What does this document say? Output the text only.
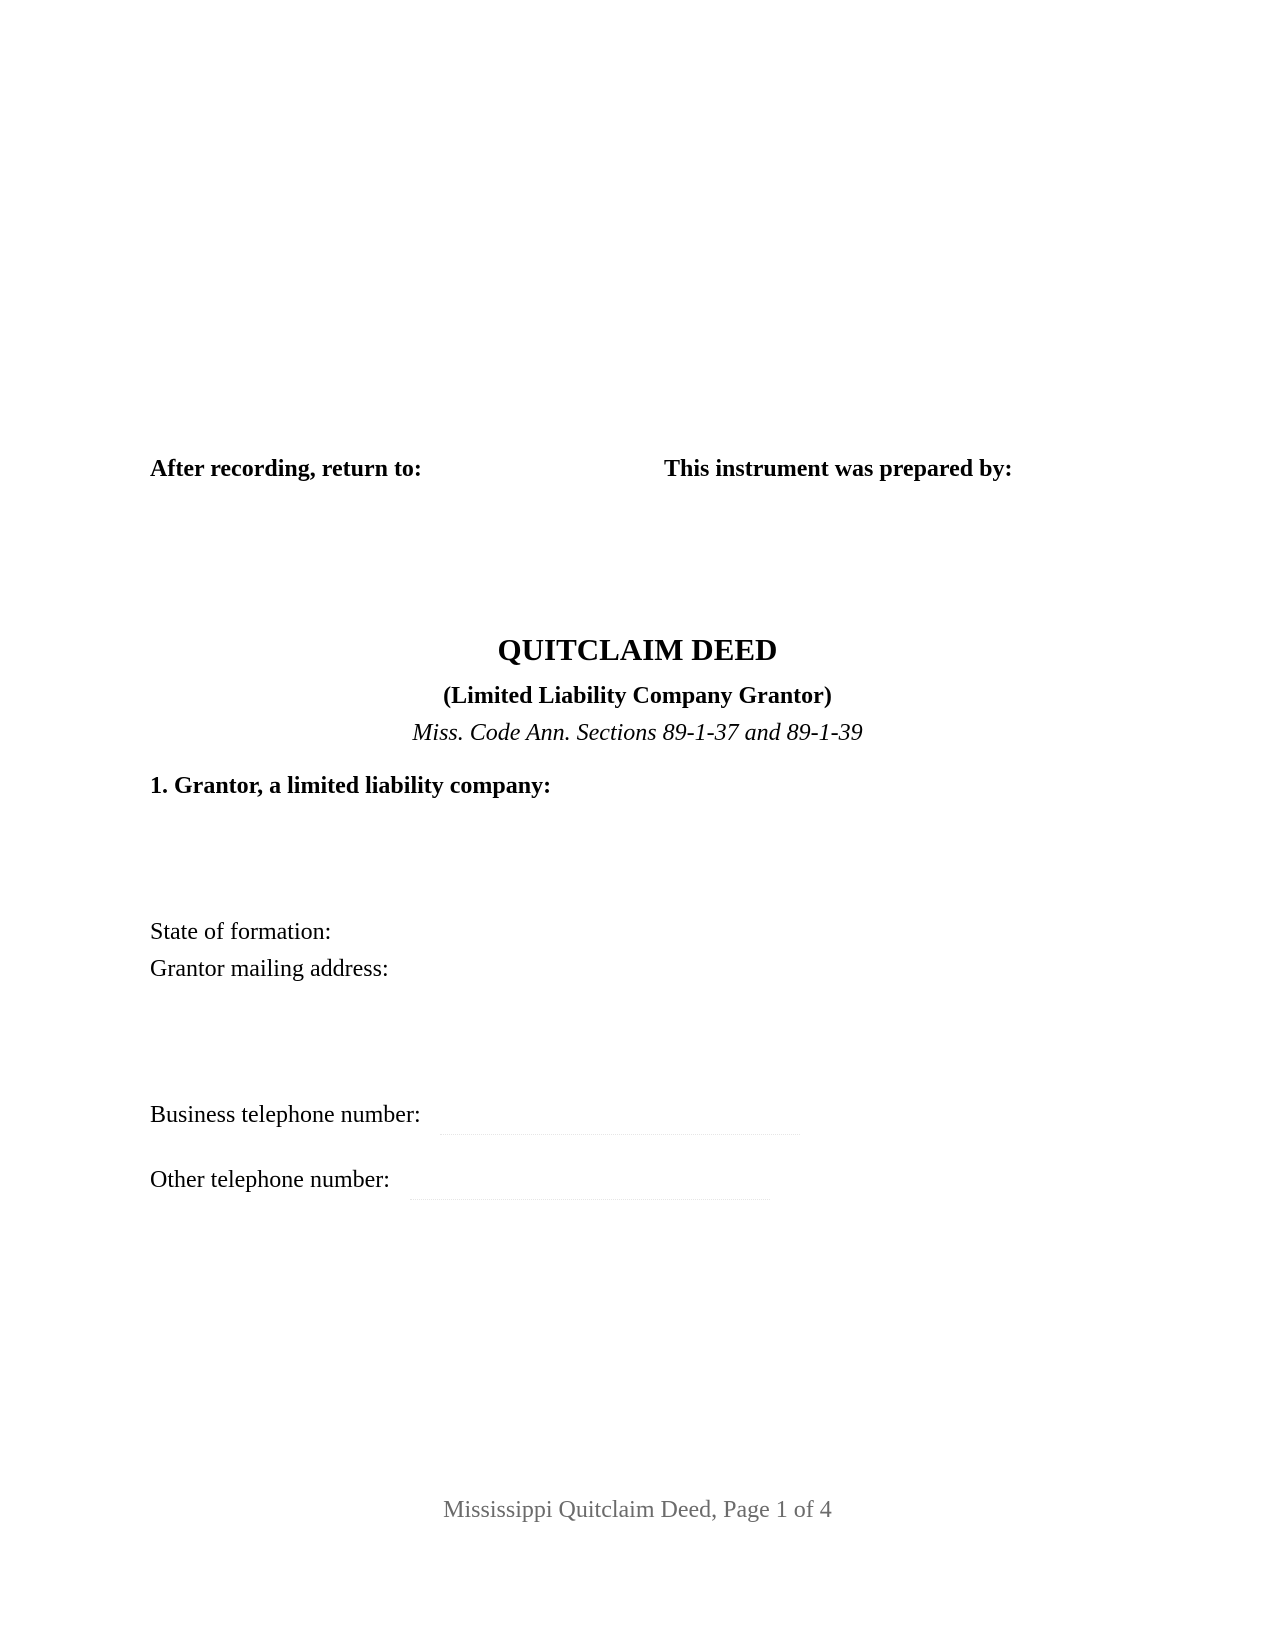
After recording, return to:	This instrument was prepared by:
QUITCLAIM DEED
(Limited Liability Company Grantor)
Miss. Code Ann. Sections 89-1-37 and 89-1-39
1. Grantor, a limited liability company:
State of formation:
Grantor mailing address:
Business telephone number:
Other telephone number:
Mississippi Quitclaim Deed, Page 1 of 4
